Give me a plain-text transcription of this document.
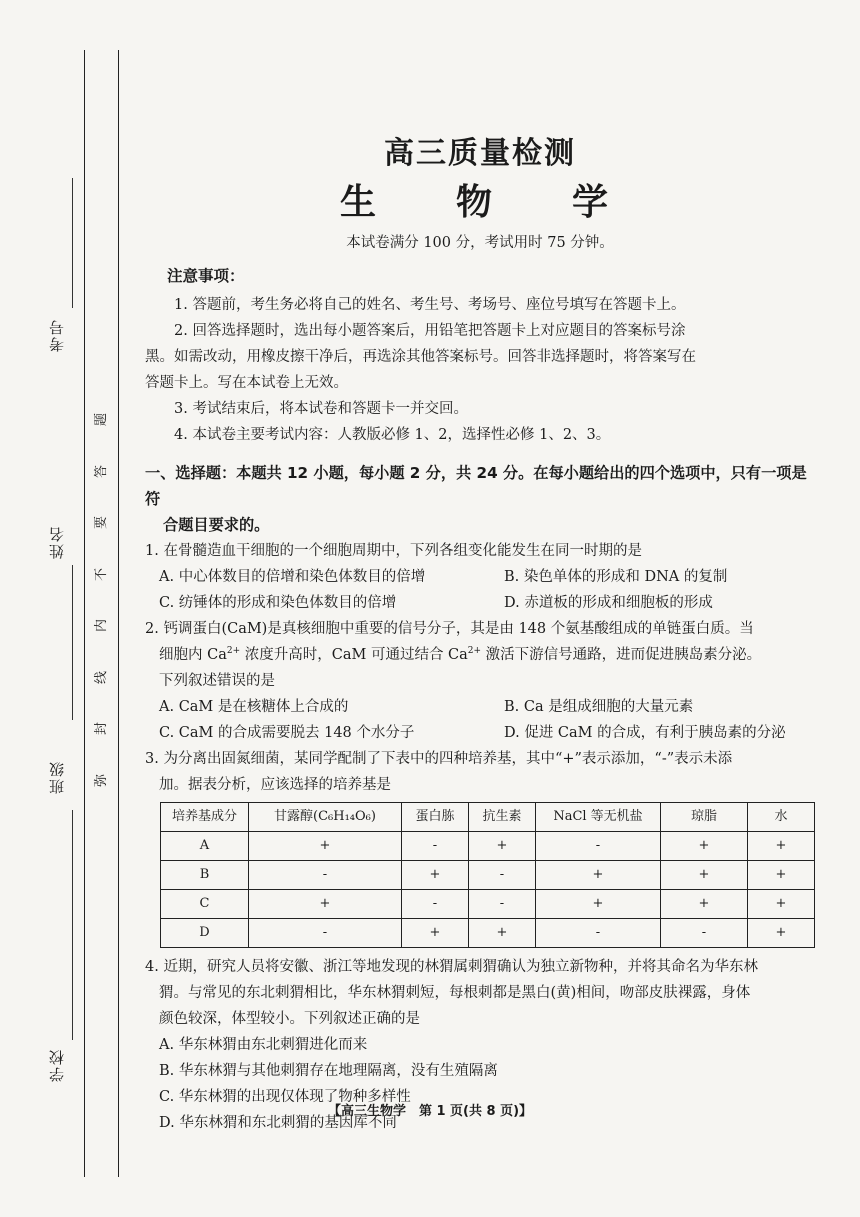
考号
姓名
班级
学校
题
答
要
不
内
线
封
弥
高三质量检测
生　物　学
本试卷满分 100 分，考试用时 75 分钟。
注意事项：

1. 答题前，考生务必将自己的姓名、考生号、考场号、座位号填写在答题卡上。

2. 回答选择题时，选出每小题答案后，用铅笔把答题卡上对应题目的答案标号涂

黑。如需改动，用橡皮擦干净后，再选涂其他答案标号。回答非选择题时，将答案写在

答题卡上。写在本试卷上无效。

3. 考试结束后，将本试卷和答题卡一并交回。

4. 本试卷主要考试内容：人教版必修 1、2，选择性必修 1、2、3。

一、选择题：本题共 12 小题，每小题 2 分，共 24 分。在每小题给出的四个选项中，只有一项是符
合题目要求的。

1. 在骨髓造血干细胞的一个细胞周期中，下列各组变化能发生在同一时期的是

A. 中心体数目的倍增和染色体数目的倍增	B. 染色单体的形成和 DNA 的复制
C. 纺锤体的形成和染色体数目的倍增	D. 赤道板的形成和细胞板的形成

2. 钙调蛋白(CaM)是真核细胞中重要的信号分子，其是由 148 个氨基酸组成的单链蛋白质。当

细胞内 $Ca^{2+}$ 浓度升高时，CaM 可通过结合 $Ca^{2+}$ 激活下游信号通路，进而促进胰岛素分泌。

下列叙述错误的是

A. CaM 是在核糖体上合成的	B. Ca 是组成细胞的大量元素
C. CaM 的合成需要脱去 148 个水分子	D. 促进 CaM 的合成，有利于胰岛素的分泌

3. 为分离出固氮细菌，某同学配制了下表中的四种培养基，其中“+”表示添加，“-”表示未添

加。据表分析，应该选择的培养基是

培养基成分	甘露醇(C₆H₁₄O₆)	蛋白胨	抗生素	NaCl 等无机盐	琼脂	水
A	+	-	+	-	+	+
B	-	+	-	+	+	+
C	+	-	-	+	+	+
D	-	+	+	-	-	+

4. 近期，研究人员将安徽、浙江等地发现的林猬属刺猬确认为独立新物种，并将其命名为华东林

猬。与常见的东北刺猬相比，华东林猬刺短，每根刺都是黑白(黄)相间，吻部皮肤裸露，身体

颜色较深，体型较小。下列叙述正确的是

A. 华东林猬由东北刺猬进化而来
B. 华东林猬与其他刺猬存在地理隔离，没有生殖隔离
C. 华东林猬的出现仅体现了物种多样性
D. 华东林猬和东北刺猬的基因库不同
【高三生物学　第 1 页(共 8 页)】
